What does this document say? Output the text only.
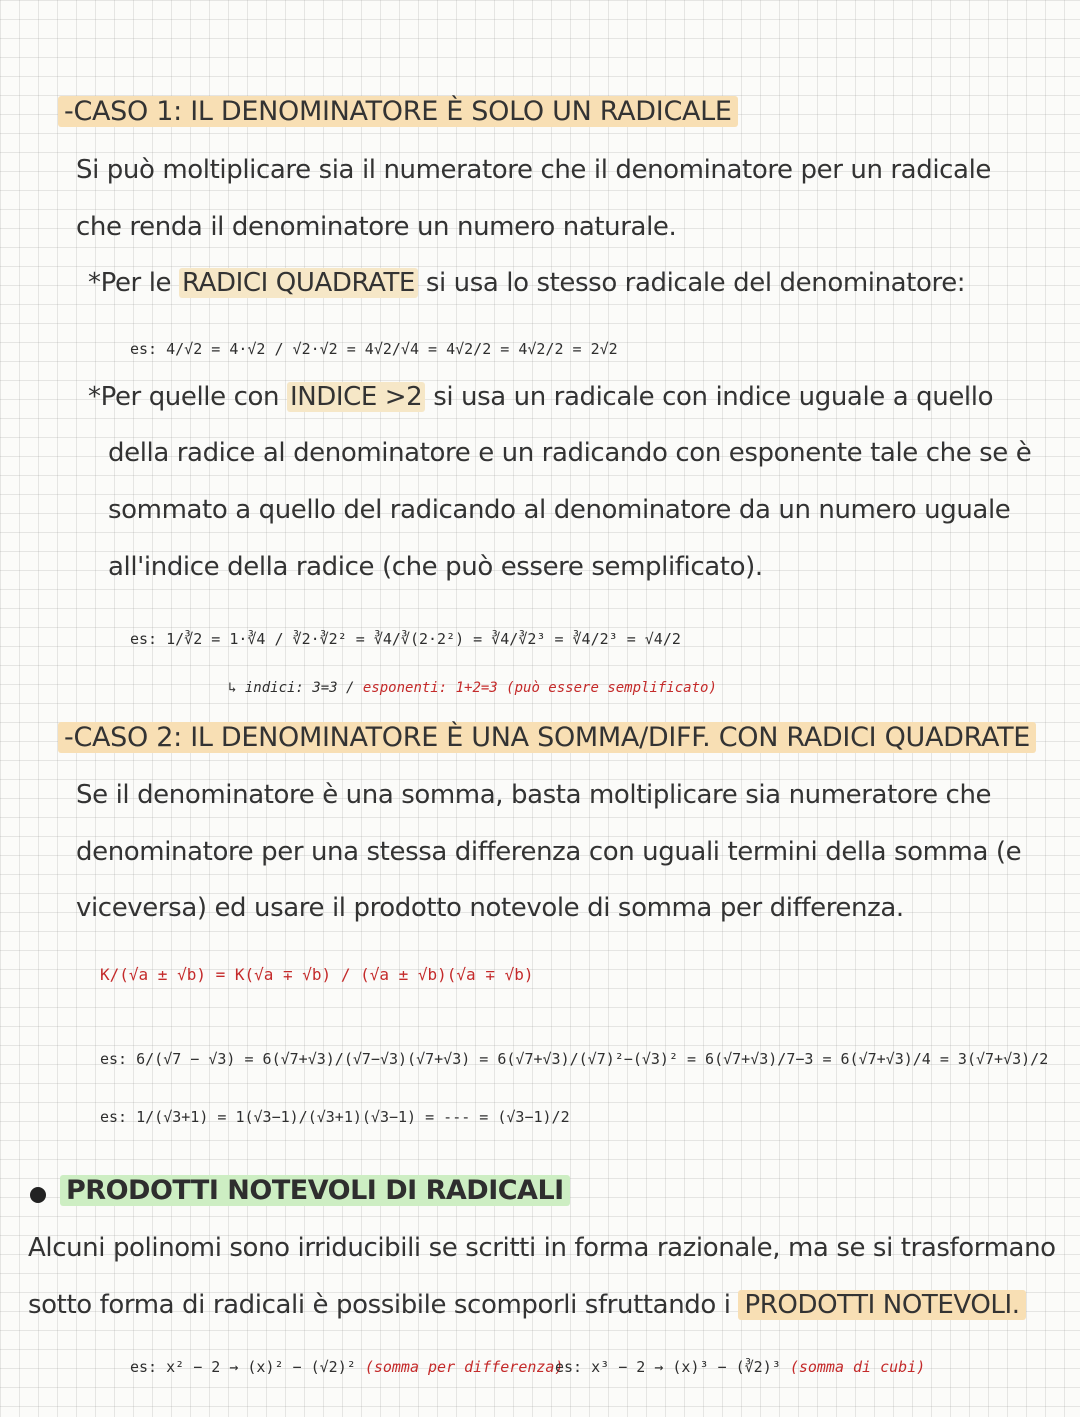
-CASO 1: IL DENOMINATORE È SOLO UN RADICALE
Si può moltiplicare sia il numeratore che il denominatore per un radicale
che renda il denominatore un numero naturale.
*Per le RADICI QUADRATE si usa lo stesso radicale del denominatore:
es: 4/√2 = 4·√2 / √2·√2 = 4√2/√4 = 4√2/2 = 4√2/2 = 2√2
*Per quelle con INDICE >2 si usa un radicale con indice uguale a quello
della radice al denominatore e un radicando con esponente tale che se è
sommato a quello del radicando al denominatore da un numero uguale
all'indice della radice (che può essere semplificato).
es: 1/∛2 = 1·∛4 / ∛2·∛2² = ∛4/∛(2·2²) = ∛4/∛2³ = ∛4/2³ = √4/2
↳ indici: 3=3 / esponenti: 1+2=3 (può essere semplificato)
-CASO 2: IL DENOMINATORE È UNA SOMMA/DIFF. CON RADICI QUADRATE
Se il denominatore è una somma, basta moltiplicare sia numeratore che
denominatore per una stessa differenza con uguali termini della somma (e
viceversa) ed usare il prodotto notevole di somma per differenza.
K/(√a ± √b) = K(√a ∓ √b) / (√a ± √b)(√a ∓ √b)
es: 6/(√7 − √3) = 6(√7+√3)/(√7−√3)(√7+√3) = 6(√7+√3)/(√7)²−(√3)² = 6(√7+√3)/7−3 = 6(√7+√3)/4 = 3(√7+√3)/2
es: 1/(√3+1) = 1(√3−1)/(√3+1)(√3−1) = --- = (√3−1)/2
PRODOTTI NOTEVOLI DI RADICALI
Alcuni polinomi sono irriducibili se scritti in forma razionale, ma se si trasformano
sotto forma di radicali è possibile scomporli sfruttando i PRODOTTI NOTEVOLI.
es: x² − 2 → (x)² − (√2)² (somma per differenza)
es: x³ − 2 → (x)³ − (∛2)³ (somma di cubi)
